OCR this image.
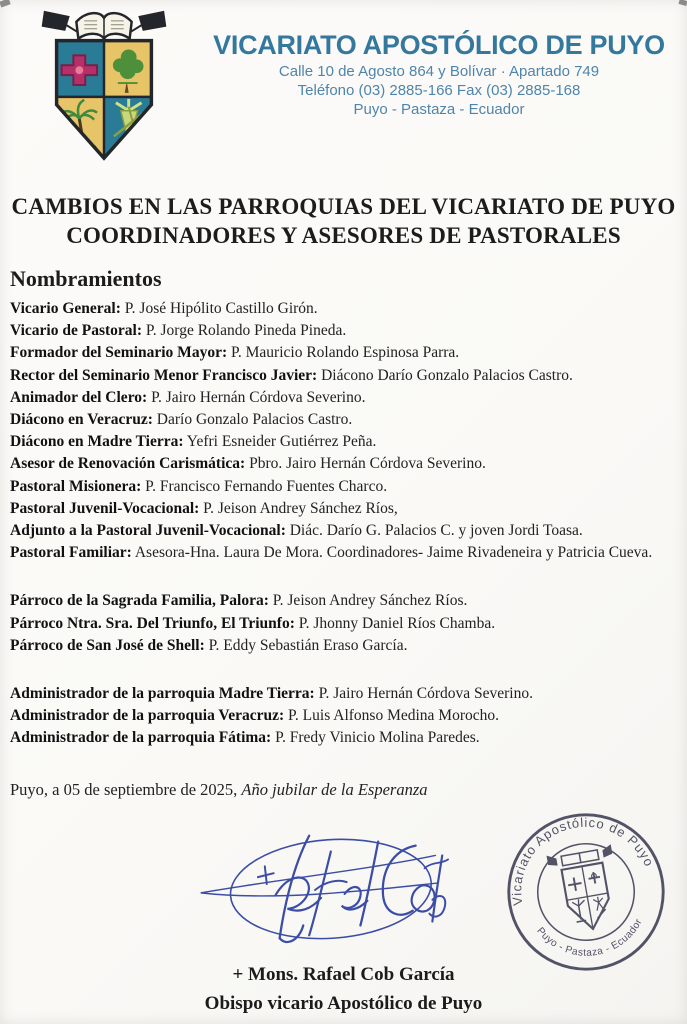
VICARIATO APOSTÓLICO DE PUYO
Calle 10 de Agosto 864 y Bolívar · Apartado 749
Teléfono (03) 2885-166 Fax (03) 2885-168
Puyo - Pastaza - Ecuador
CAMBIOS EN LAS PARROQUIAS DEL VICARIATO DE PUYO
COORDINADORES Y ASESORES DE PASTORALES
Nombramientos

Vicario General: P. José Hipólito Castillo Girón.

Vicario de Pastoral: P. Jorge Rolando Pineda Pineda.

Formador del Seminario Mayor: P. Mauricio Rolando Espinosa Parra.

Rector del Seminario Menor Francisco Javier: Diácono Darío Gonzalo Palacios Castro.

Animador del Clero: P. Jairo Hernán Córdova Severino.

Diácono en Veracruz: Darío Gonzalo Palacios Castro.

Diácono en Madre Tierra: Yefri Esneider Gutiérrez Peña.

Asesor de Renovación Carismática: Pbro. Jairo Hernán Córdova Severino.

Pastoral Misionera: P. Francisco Fernando Fuentes Charco.

Pastoral Juvenil-Vocacional: P. Jeison Andrey Sánchez Ríos,

Adjunto a la Pastoral Juvenil-Vocacional: Diác. Darío G. Palacios C. y joven Jordi Toasa.

Pastoral Familiar: Asesora-Hna. Laura De Mora. Coordinadores- Jaime Rivadeneira y Patricia Cueva.

Párroco de la Sagrada Familia, Palora: P. Jeison Andrey Sánchez Ríos.

Párroco Ntra. Sra. Del Triunfo, El Triunfo: P. Jhonny Daniel Ríos Chamba.

Párroco de San José de Shell: P. Eddy Sebastián Eraso García.

Administrador de la parroquia Madre Tierra: P. Jairo Hernán Córdova Severino.

Administrador de la parroquia Veracruz: P. Luis Alfonso Medina Morocho.

Administrador de la parroquia Fátima: P. Fredy Vinicio Molina Paredes.

Puyo, a 05 de septiembre de 2025, Año jubilar de la Esperanza

Vicariato Apostólico de Puyo
Puyo - Pastaza - Ecuador
+ Mons. Rafael Cob García
Obispo vicario Apostólico de Puyo
